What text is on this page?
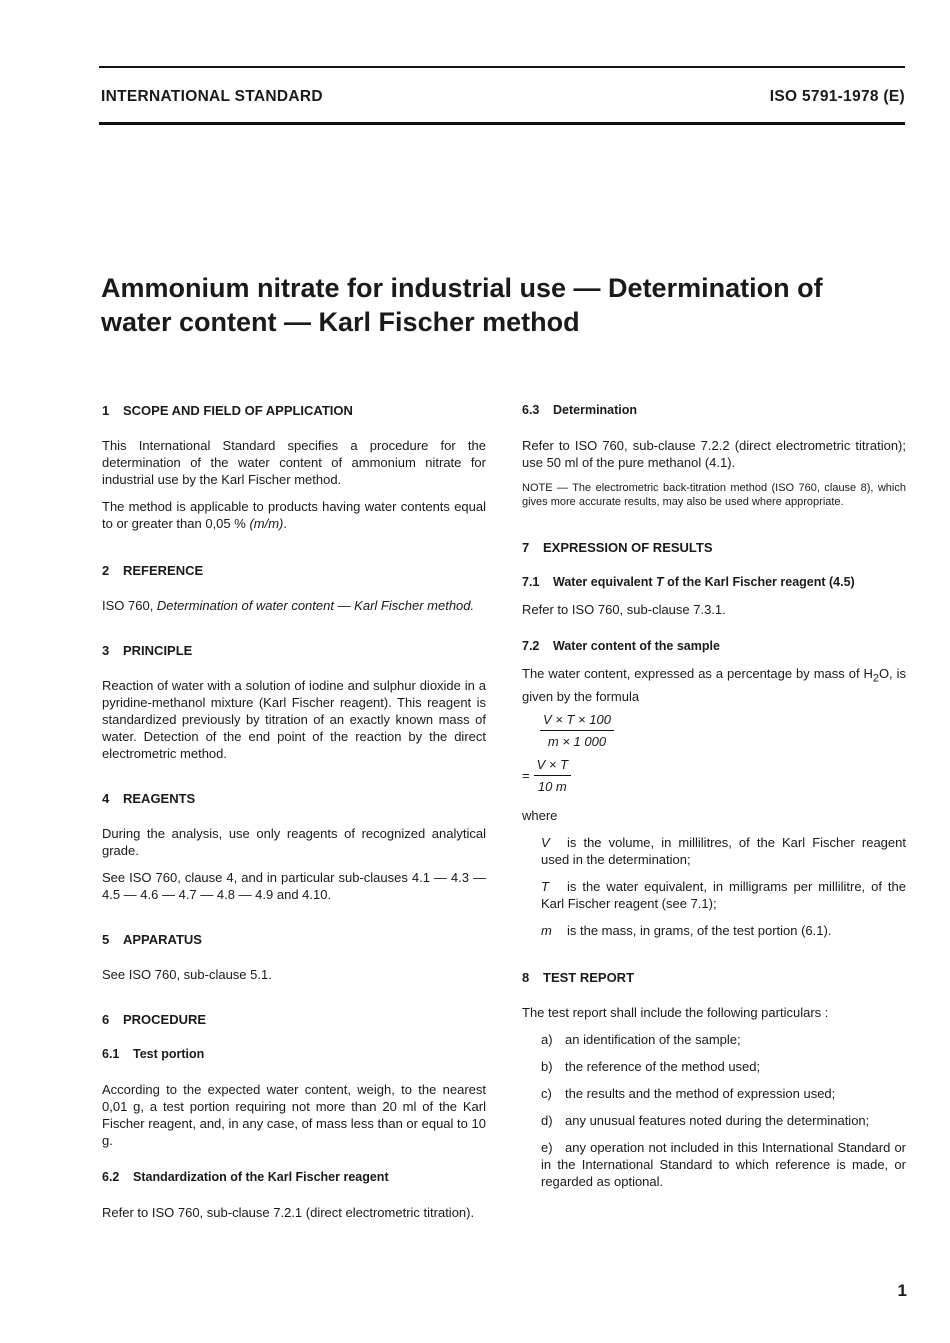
INTERNATIONAL STANDARD	ISO 5791-1978 (E)
Ammonium nitrate for industrial use — Determination of
water content — Karl Fischer method
1 SCOPE AND FIELD OF APPLICATION

This International Standard specifies a procedure for the determination of the water content of ammonium nitrate for industrial use by the Karl Fischer method.

The method is applicable to products having water contents equal to or greater than 0,05 % (m/m).

2 REFERENCE

ISO 760, Determination of water content — Karl Fischer method.

3 PRINCIPLE

Reaction of water with a solution of iodine and sulphur dioxide in a pyridine-methanol mixture (Karl Fischer reagent). This reagent is standardized previously by titration of an exactly known mass of water. Detection of the end point of the reaction by the direct electrometric method.

4 REAGENTS

During the analysis, use only reagents of recognized analytical grade.

See ISO 760, clause 4, and in particular sub-clauses 4.1 — 4.3 — 4.5 — 4.6 — 4.7 — 4.8 — 4.9 and 4.10.

5 APPARATUS

See ISO 760, sub-clause 5.1.

6 PROCEDURE
6.1 Test portion

According to the expected water content, weigh, to the nearest 0,01 g, a test portion requiring not more than 20 ml of the Karl Fischer reagent, and, in any case, of mass less than or equal to 10 g.

6.2 Standardization of the Karl Fischer reagent

Refer to ISO 760, sub-clause 7.2.1 (direct electrometric titration).

6.3 Determination

Refer to ISO 760, sub-clause 7.2.2 (direct electrometric titration); use 50 ml of the pure methanol (4.1).

NOTE — The electrometric back-titration method (ISO 760, clause 8), which gives more accurate results, may also be used where appropriate.

7 EXPRESSION OF RESULTS
7.1 Water equivalent T of the Karl Fischer reagent (4.5)

Refer to ISO 760, sub-clause 7.3.1.

7.2 Water content of the sample

The water content, expressed as a percentage by mass of $H_2O$, is given by the formula

$\frac{V \times T \times 100}{m \times 1 000}$
= $\frac{V \times T}{10 m}$

where

V is the volume, in millilitres, of the Karl Fischer reagent used in the determination;

T is the water equivalent, in milligrams per millilitre, of the Karl Fischer reagent (see 7.1);

m is the mass, in grams, of the test portion (6.1).

8 TEST REPORT

The test report shall include the following particulars :

a) an identification of the sample;

b) the reference of the method used;

c) the results and the method of expression used;

d) any unusual features noted during the determination;

e) any operation not included in this International Standard or in the International Standard to which reference is made, or regarded as optional.

1
